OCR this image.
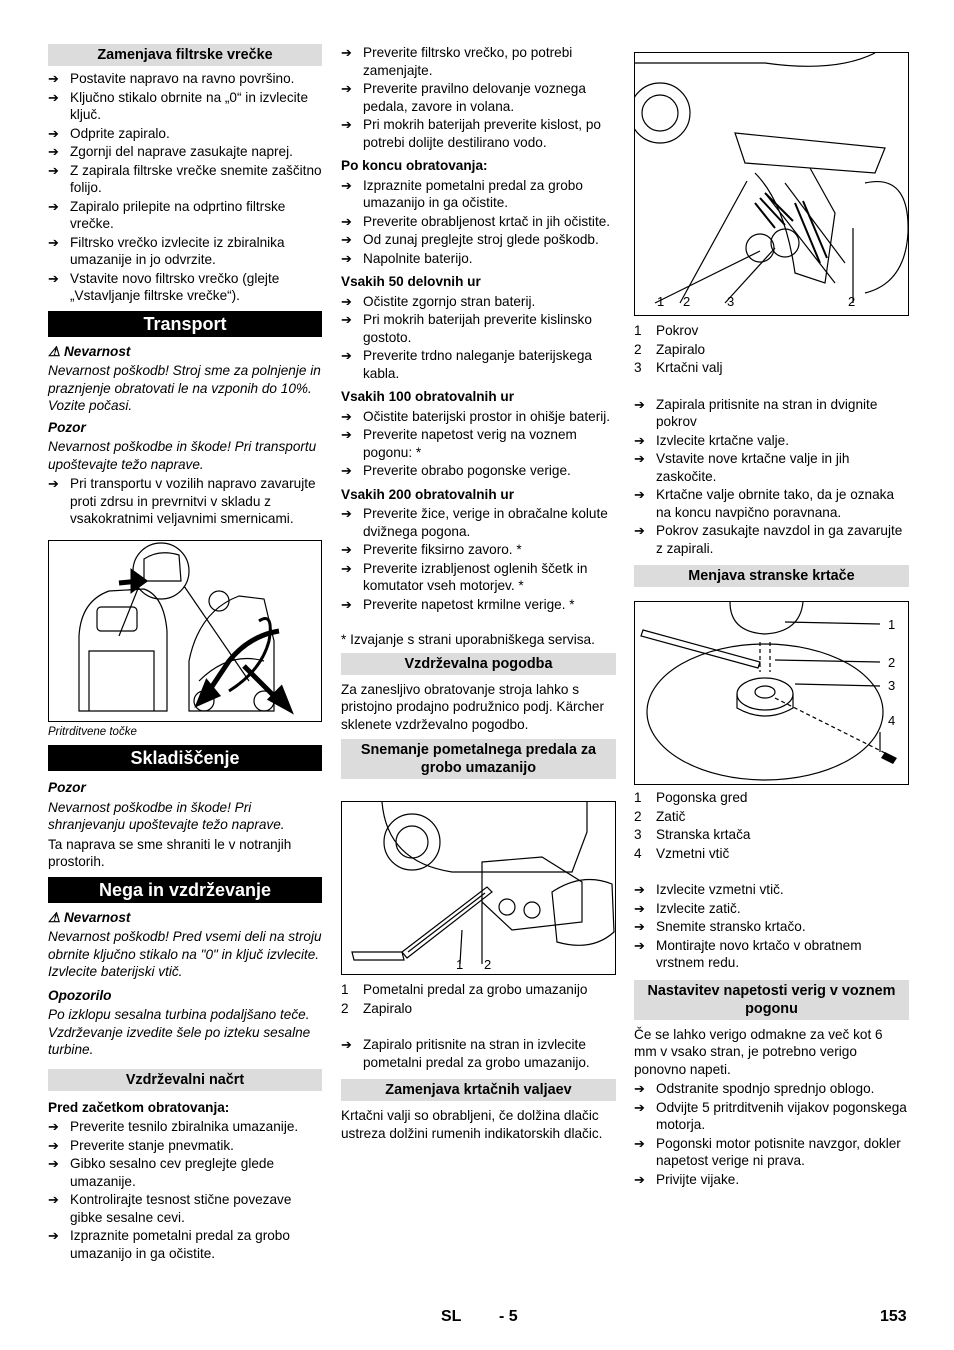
Zamenjava filtrske vrečke
➔ Postavite napravo na ravno površino.
➔ Ključno stikalo obrnite na „0“ in izvlecite ključ.
➔ Odprite zapiralo.
➔ Zgornji del naprave zasukajte naprej.
➔ Z zapirala filtrske vrečke snemite zaščitno folijo.
➔ Zapiralo prilepite na odprtino filtrske vrečke.
➔ Filtrsko vrečko izvlecite iz zbiralnika umazanije in jo odvrzite.
➔ Vstavite novo filtrsko vrečko (glejte „Vstavljanje filtrske vrečke“).
Transport

⚠ Nevarnost

Nevarnost poškodb! Stroj sme za polnjenje in praznjenje obratovati le na vzponih do 10%. Vozite počasi.

Pozor

Nevarnost poškodbe in škode! Pri transportu upoštevajte težo naprave.

➔ Pri transportu v vozilih napravo zavarujte proti zdrsu in prevrnitvi v skladu z vsakokratnimi veljavnimi smernicami.

Pritrditvene točke

Skladiščenje

Pozor

Nevarnost poškodbe in škode! Pri shranjevanju upoštevajte težo naprave.

Ta naprava se sme shraniti le v notranjih prostorih.

Nega in vzdrževanje

⚠ Nevarnost

Nevarnost poškodb! Pred vsemi deli na stroju obrnite ključno stikalo na "0" in ključ izvlecite. Izvlecite baterijski vtič.

Opozorilo

Po izklopu sesalna turbina podaljšano teče. Vzdrževanje izvedite šele po izteku sesalne turbine.

Vzdrževalni načrt

Pred začetkom obratovanja:

➔ Preverite tesnilo zbiralnika umazanije.
➔ Preverite stanje pnevmatik.
➔ Gibko sesalno cev preglejte glede umazanije.
➔ Kontrolirajte tesnost stične povezave gibke sesalne cevi.
➔ Izpraznite pometalni predal za grobo umazanijo in ga očistite.
➔ Preverite filtrsko vrečko, po potrebi zamenjajte.
➔ Preverite pravilno delovanje voznega pedala, zavore in volana.
➔ Pri mokrih baterijah preverite kislost, po potrebi dolijte destilirano vodo.

Po koncu obratovanja:

➔ Izpraznite pometalni predal za grobo umazanijo in ga očistite.
➔ Preverite obrabljenost krtač in jih očistite.
➔ Od zunaj preglejte stroj glede poškodb.
➔ Napolnite baterijo.

Vsakih 50 delovnih ur

➔ Očistite zgornjo stran baterij.
➔ Pri mokrih baterijah preverite kislinsko gostoto.
➔ Preverite trdno naleganje baterijskega kabla.

Vsakih 100 obratovalnih ur

➔ Očistite baterijski prostor in ohišje baterij.
➔ Preverite napetost verig na voznem pogonu: *
➔ Preverite obrabo pogonske verige.

Vsakih 200 obratovalnih ur

➔ Preverite žice, verige in obračalne kolute dvižnega pogona.
➔ Preverite fiksirno zavoro. *
➔ Preverite izrabljenost oglenih ščetk in komutator vseh motorjev. *
➔ Preverite napetost krmilne verige. *

* Izvajanje s strani uporabniškega servisa.

Vzdrževalna pogodba

Za zanesljivo obratovanje stroja lahko s pristojno prodajno podružnico podj. Kärcher sklenete vzdrževalno pogodbo.

Snemanje pometalnega predala za grobo umazanijo
1 2
1	Pometalni predal za grobo umazanijo
2	Zapiralo
➔ Zapiralo pritisnite na stran in izvlecite pometalni predal za grobo umazanijo.
Zamenjava krtačnih valjaev

Krtačni valji so obrabljeni, če dolžina dlačic ustreza dolžini rumenih indikatorskih dlačic.

1 2	3	2
1	Pokrov
2	Zapiralo
3	Krtačni valj
➔ Zapirala pritisnite na stran in dvignite pokrov
➔ Izvlecite krtačne valje.
➔ Vstavite nove krtačne valje in jih zaskočite.
➔ Krtačne valje obrnite tako, da je oznaka na koncu navpično poravnana.
➔ Pokrov zasukajte navzdol in ga zavarujte z zapirali.
Menjava stranske krtače
1
2
3
4
1	Pogonska gred
2	Zatič
3	Stranska krtača
4	Vzmetni vtič
➔ Izvlecite vzmetni vtič.
➔ Izvlecite zatič.
➔ Snemite stransko krtačo.
➔ Montirajte novo krtačo v obratnem vrstnem redu.
Nastavitev napetosti verig v voznem pogonu

Če se lahko verigo odmakne za več kot 6 mm v vsako stran, je potrebno verigo ponovno napeti.

➔ Odstranite spodnjo sprednjo oblogo.
➔ Odvijte 5 pritrditvenih vijakov pogonskega motorja.
➔ Pogonski motor potisnite navzgor, dokler napetost verige ni prava.
➔ Privijte vijake.
SL - 5	153
